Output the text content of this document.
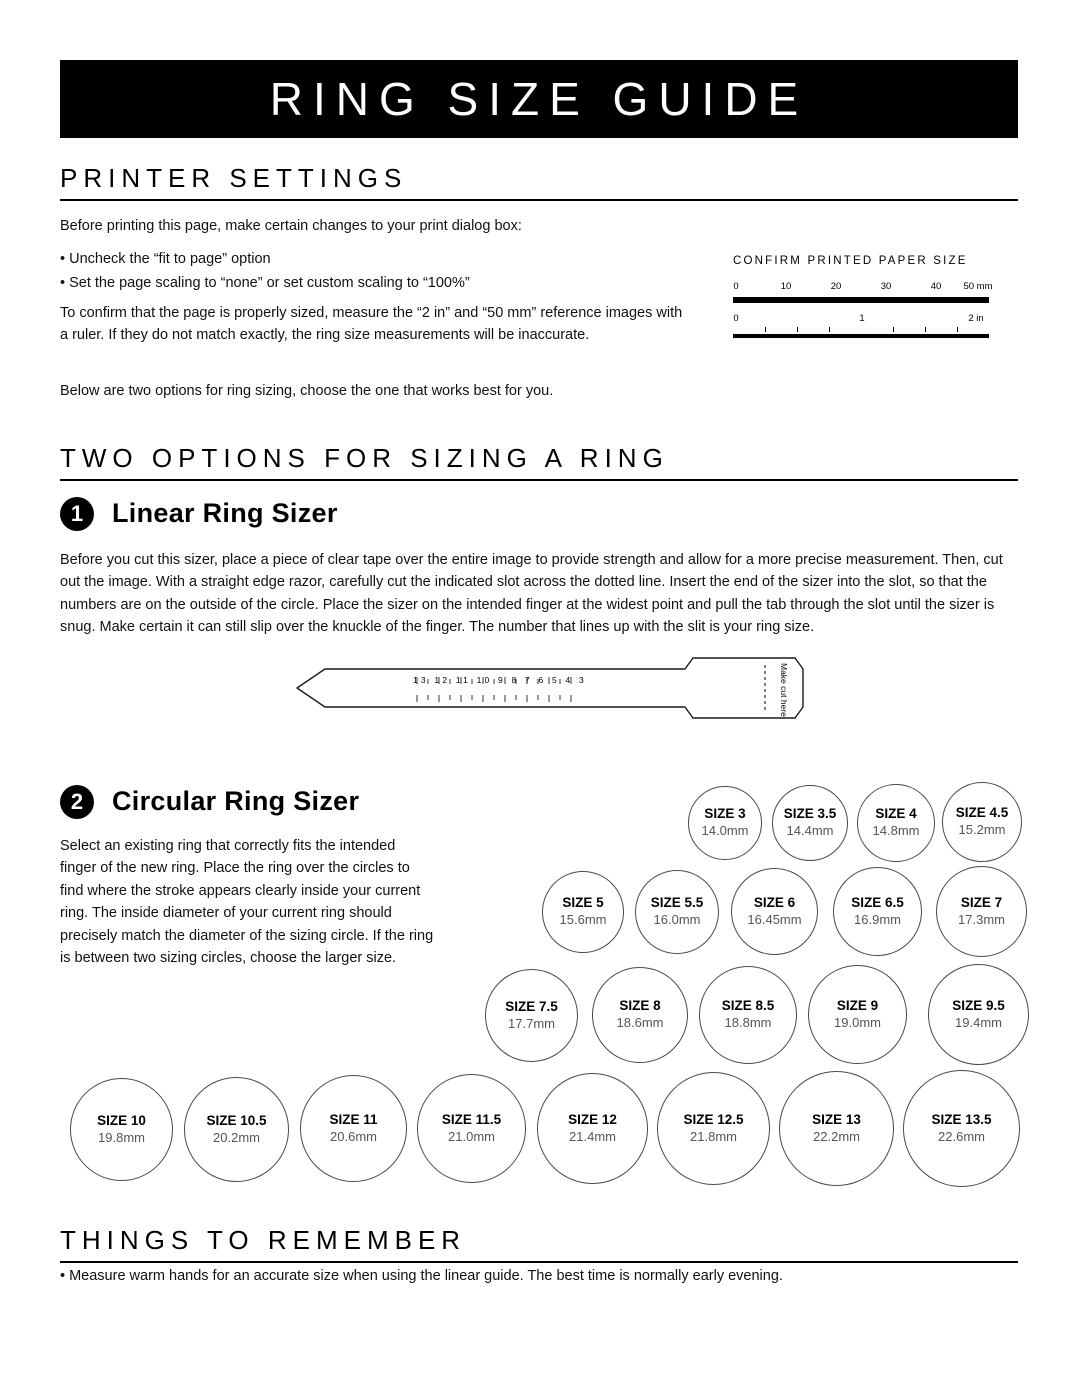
RING SIZE GUIDE
PRINTER SETTINGS
Before printing this page, make certain changes to your print dialog box:
• Uncheck the “fit to page” option
• Set the page scaling to “none” or set custom scaling to “100%”
To confirm that the page is properly sized, measure the “2 in” and “50 mm” reference images with a ruler. If they do not match exactly, the ring size measurements will be inaccurate.
Below are two options for ring sizing, choose the one that works best for you.
CONFIRM PRINTED PAPER SIZE
0	10	20	30	40 50 mm
0	1	2 in
TWO OPTIONS FOR SIZING A RING
1	Linear Ring Sizer
Before you cut this sizer, place a piece of clear tape over the entire image to provide strength and allow for a more precise measurement. Then, cut out the image. With a straight edge razor, carefully cut the indicated slot across the dotted line. Insert the end of the sizer into the slot, so that the numbers are on the outside of the circle. Place the sizer on the intended finger at the widest point and pull the tab through the slot until the sizer is snug. Make certain it can still slip over the knuckle of the finger. The number that lines up with the slit is your ring size.
13 12 11 10 9 8 7 6 5 4 3	Make cut here
2	Circular Ring Sizer
Select an existing ring that correctly fits the intended finger of the new ring. Place the ring over the circles to find where the stroke appears clearly inside your current ring. The inside diameter of your current ring should precisely match the diameter of the sizing circle. If the ring is between two sizing circles, choose the larger size.
SIZE 3
14.0mm
SIZE 3.5
14.4mm
SIZE 4
14.8mm
SIZE 4.5
15.2mm
SIZE 5
15.6mm
SIZE 5.5
16.0mm
SIZE 6
16.45mm
SIZE 6.5
16.9mm
SIZE 7
17.3mm
SIZE 7.5
17.7mm
SIZE 8
18.6mm
SIZE 8.5
18.8mm
SIZE 9
19.0mm
SIZE 9.5
19.4mm
SIZE 10
19.8mm
SIZE 10.5
20.2mm
SIZE 11
20.6mm
SIZE 11.5
21.0mm
SIZE 12
21.4mm
SIZE 12.5
21.8mm
SIZE 13
22.2mm
SIZE 13.5
22.6mm
THINGS TO REMEMBER
• Measure warm hands for an accurate size when using the linear guide. The best time is normally early evening.
